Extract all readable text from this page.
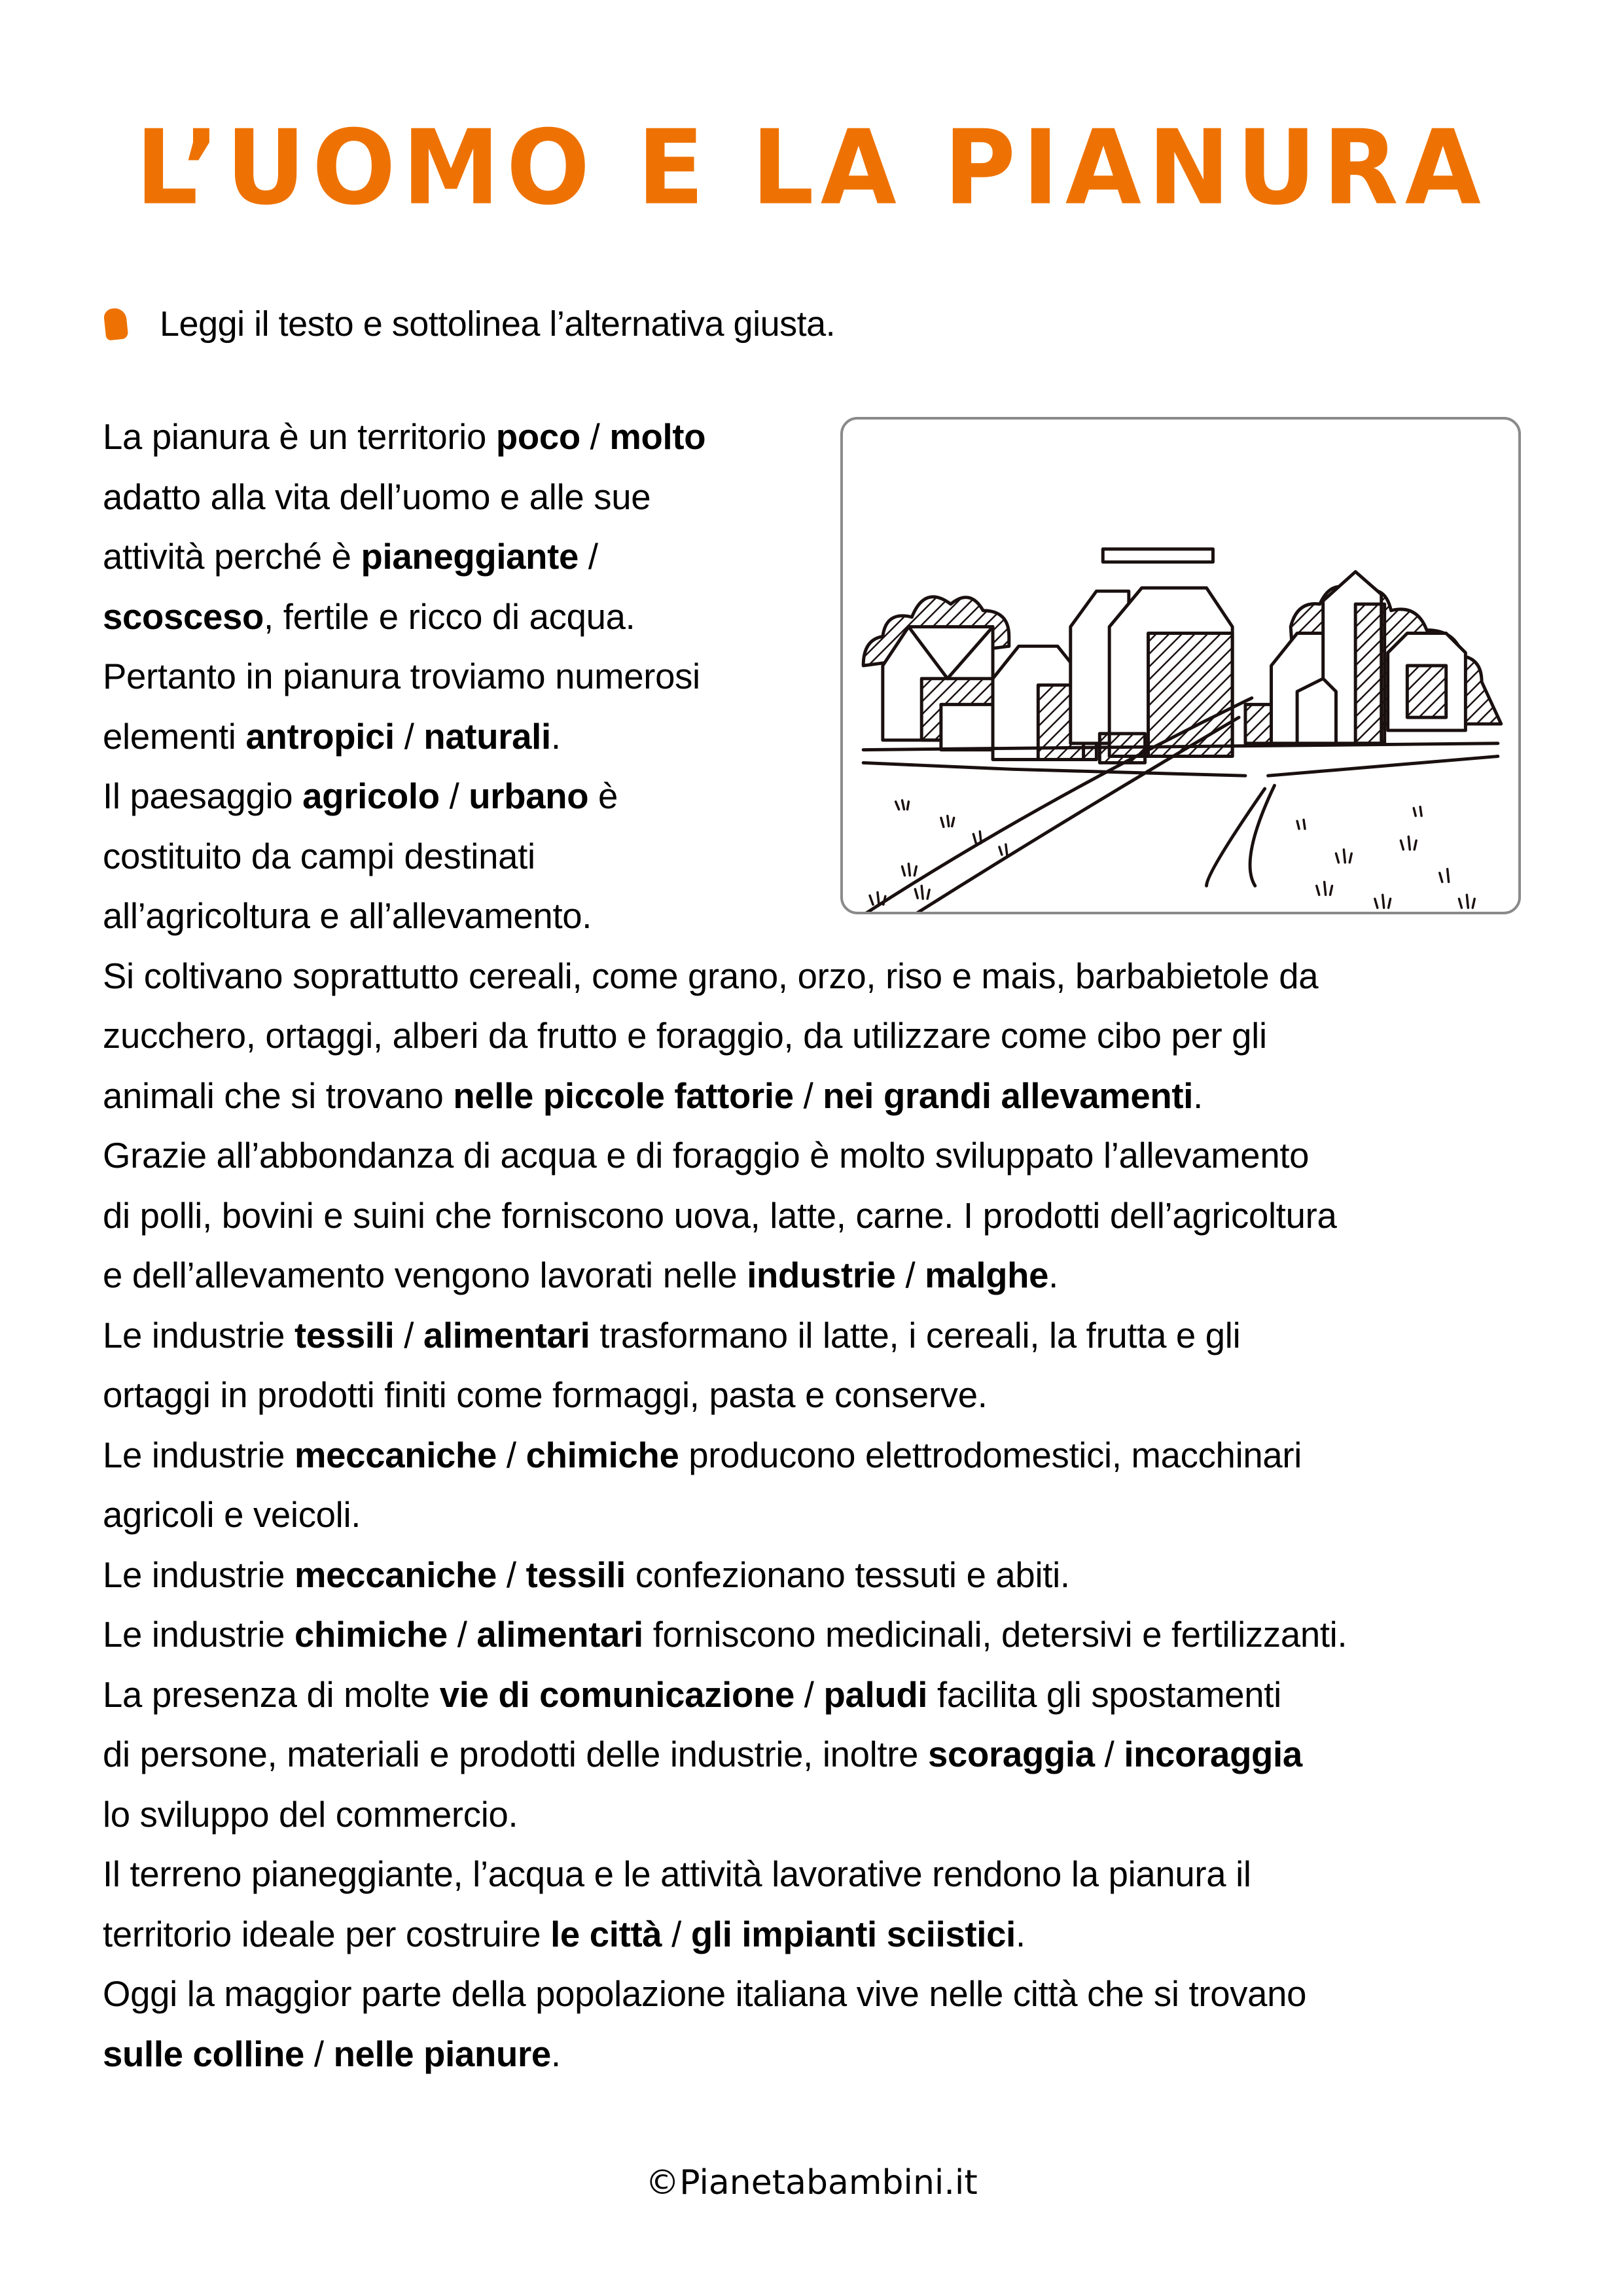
L’UOMO E LA PIANURA
Leggi il testo e sottolinea l’alternativa giusta.
La pianura è un territorio poco / molto
adatto alla vita dell’uomo e alle sue
attività perché è pianeggiante /
scosceso, fertile e ricco di acqua.
Pertanto in pianura troviamo numerosi
elementi antropici / naturali.
Il paesaggio agricolo / urbano è
costituito da campi destinati
all’agricoltura e all’allevamento.
Si coltivano soprattutto cereali, come grano, orzo, riso e mais, barbabietole da
zucchero, ortaggi, alberi da frutto e foraggio, da utilizzare come cibo per gli
animali che si trovano nelle piccole fattorie / nei grandi allevamenti.
Grazie all’abbondanza di acqua e di foraggio è molto sviluppato l’allevamento
di polli, bovini e suini che forniscono uova, latte, carne. I prodotti dell’agricoltura
e dell’allevamento vengono lavorati nelle industrie / malghe.
Le industrie tessili / alimentari trasformano il latte, i cereali, la frutta e gli
ortaggi in prodotti finiti come formaggi, pasta e conserve.
Le industrie meccaniche / chimiche producono elettrodomestici, macchinari
agricoli e veicoli.
Le industrie meccaniche / tessili confezionano tessuti e abiti.
Le industrie chimiche / alimentari forniscono medicinali, detersivi e fertilizzanti.
La presenza di molte vie di comunicazione / paludi facilita gli spostamenti
di persone, materiali e prodotti delle industrie, inoltre scoraggia / incoraggia
lo sviluppo del commercio.
Il terreno pianeggiante, l’acqua e le attività lavorative rendono la pianura il
territorio ideale per costruire le città / gli impianti sciistici.
Oggi la maggior parte della popolazione italiana vive nelle città che si trovano
sulle colline / nelle pianure.
©Pianetabambini.it
